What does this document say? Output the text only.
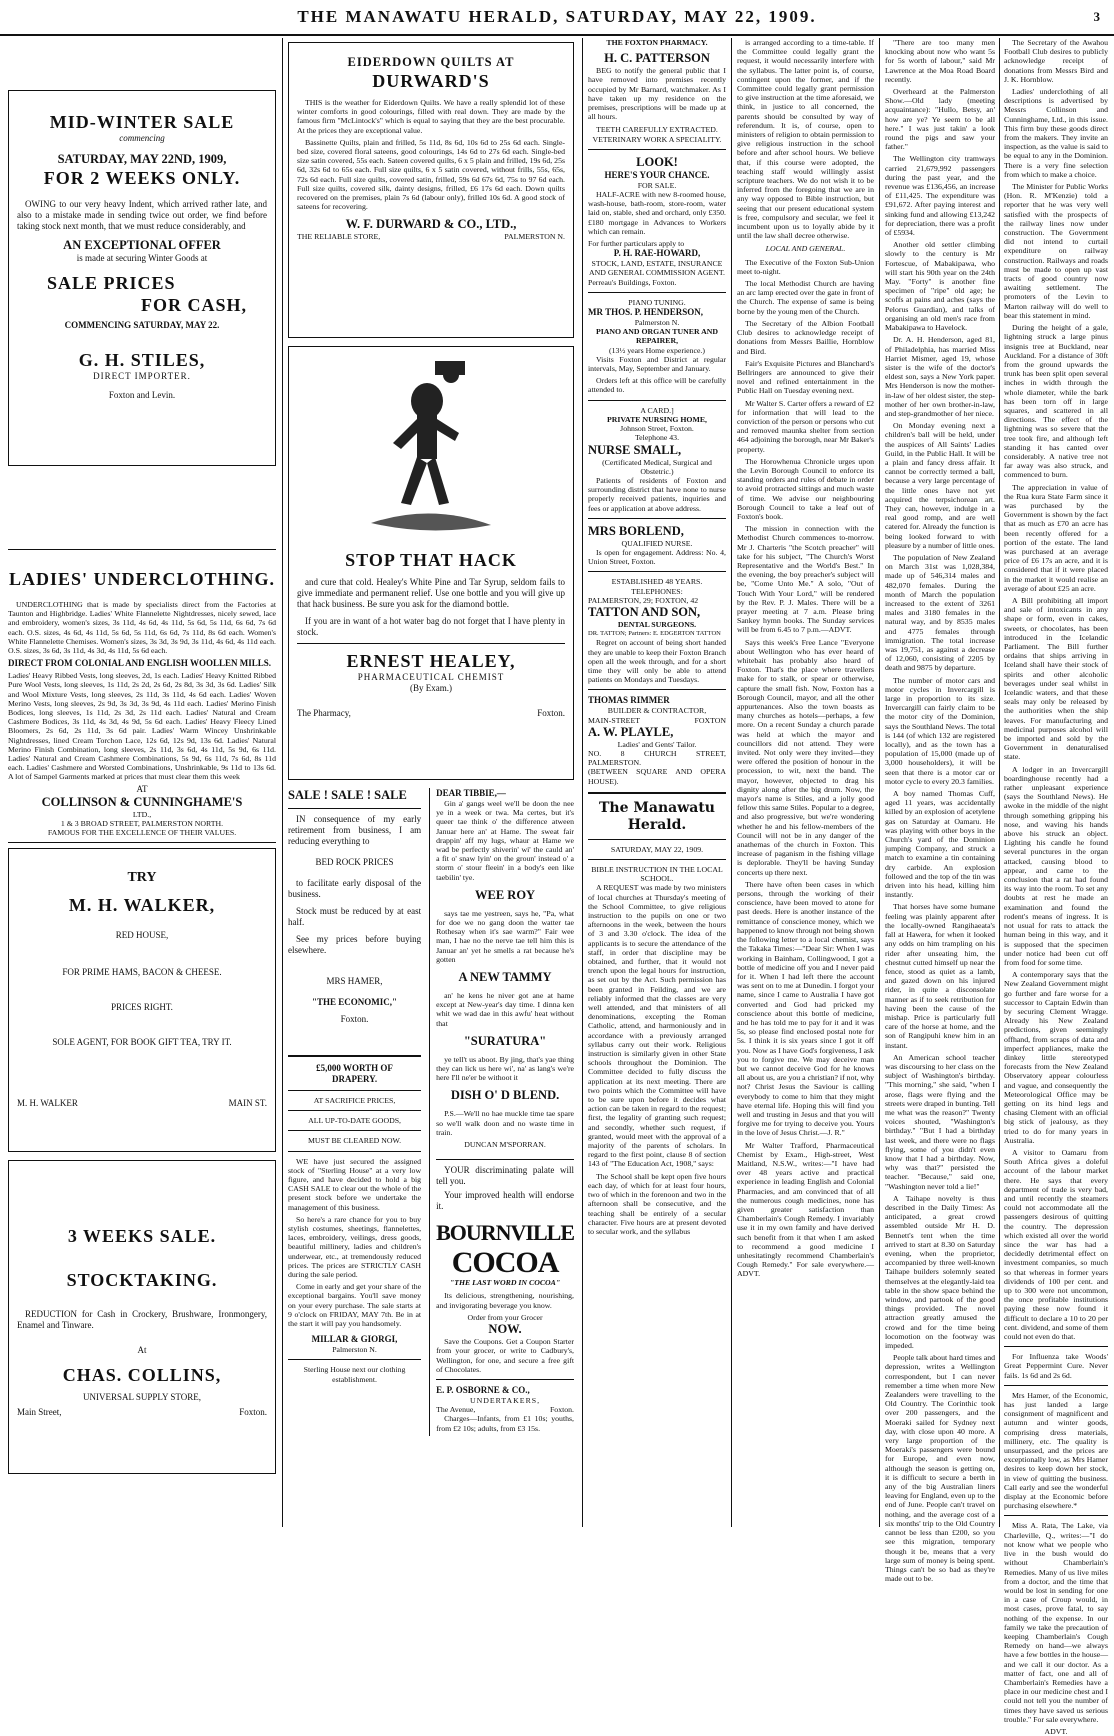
THE MANAWATU HERALD, SATURDAY, MAY 22, 1909.	3
MID-WINTER SALE
commencing
SATURDAY, MAY 22ND, 1909,
FOR 2 WEEKS ONLY.

OWING to our very heavy Indent, which arrived rather late, and also to a mistake made in sending twice out order, we find before taking stock next month, that we must reduce considerably, and

AN EXCEPTIONAL OFFER
is made at securing Winter Goods at
SALE PRICES
FOR CASH,
COMMENCING SATURDAY, MAY 22.
G. H. STILES,
DIRECT IMPORTER.
Foxton and Levin.
LADIES' UNDERCLOTHING.

UNDERCLOTHING that is made by specialists direct from the Factories at Taunton and Highbridge. Ladies' White Flannelette Nightdresses, nicely sewed, lace and embroidery, women's sizes, 3s 11d, 4s 6d, 4s 11d, 5s 6d, 5s 11d, 6s 6d, 7s 6d each. O.S. sizes, 4s 6d, 4s 11d, 5s 6d, 5s 11d, 6s 6d, 7s 11d, 8s 6d each. Women's White Flannelette Chemises. Women's sizes, 3s 3d, 3s 9d, 3s 11d, 4s 6d, 4s 11d each. O.S. sizes, 3s 6d, 3s 11d, 4s 3d, 4s 11d, 5s 6d each.

DIRECT FROM COLONIAL AND ENGLISH WOOLLEN MILLS.
Ladies' Heavy Ribbed Vests, long sleeves, 2d, 1s each. Ladies' Heavy Knitted Ribbed Pure Wool Vests, long sleeves, 1s 11d, 2s 2d, 2s 6d, 2s 8d, 3s 3d, 3s 6d. Ladies' Silk and Wool Mixture Vests, long sleeves, 2s 11d, 3s 11d, 4s 6d each. Ladies' Woven Merino Vests, long sleeves, 2s 9d, 3s 3d, 3s 9d, 4s 11d each. Ladies' Merino Finish Bodices, long sleeves, 1s 11d, 2s 3d, 2s 11d each. Ladies' Natural and Cream Cashmere Bodices, 3s 11d, 4s 3d, 4s 9d, 5s 6d each. Ladies' Heavy Fleecy Lined Bloomers, 2s 6d, 2s 11d, 3s 6d pair. Ladies' Warm Wincey Unshrinkable Nightdresses, lined Cream Torchon Lace, 12s 6d, 12s 9d, 13s 6d. Ladies' Natural Merino Finish Combination, long sleeves, 2s 11d, 3s 6d, 4s 11d, 5s 9d, 6s 11d. Ladies' Natural and Cream Cashmere Combinations, 5s 9d, 6s 11d, 7s 6d, 8s 11d each. Ladies' Cashmere and Worsted Combinations, Unshrinkable, 9s 11d to 13s 6d. A lot of Sampel Garments marked at prices that must clear them this week
AT
COLLINSON & CUNNINGHAME'S
LTD.,
1 & 3 BROAD STREET, PALMERSTON NORTH.
FAMOUS FOR THE EXCELLENCE OF THEIR VALUES.
TRY
M. H. WALKER,
RED HOUSE,
FOR PRIME HAMS, BACON & CHEESE.
PRICES RIGHT.
SOLE AGENT, FOR BOOK GIFT TEA, TRY IT.
M. H. WALKER	MAIN ST.
3 WEEKS SALE.
STOCKTAKING.

REDUCTION for Cash in Crockery, Brushware, Ironmongery, Enamel and Tinware.

At
CHAS. COLLINS,
UNIVERSAL SUPPLY STORE,
Main Street,	Foxton.
EIDERDOWN QUILTS AT
DURWARD'S

THIS is the weather for Eiderdown Quilts. We have a really splendid lot of these winter comforts in good colourings, filled with real down. They are made by the famous firm "McLintock's" which is equal to saying that they are the best procurable. At the prices they are exceptional value.

Bassinette Quilts, plain and frilled, 5s 11d, 8s 6d, 10s 6d to 25s 6d each. Single-bed size, covered floral sateens, good colourings, 14s 6d to 27s 6d each. Single-bed size satin covered, 55s each. Sateen covered quilts, 6 x 5 plain and frilled, 19s 6d, 25s 6d, 32s 6d to 65s each. Full size quilts, 6 x 5 satin covered, without frills, 55s, 65s, 72s 6d each. Full size quilts, covered satin, frilled, 59s 6d 67s 6d, 75s to 97 6d each. Full size quilts, covered silk, dainty designs, frilled, £6 17s 6d each. Down quilts recovered on the premises, plain 7s 6d (labour only), frilled 10s 6d. A good stock of sateens for recovering.

W. F. DURWARD & CO., LTD.,
THE RELIABLE STORE,	PALMERSTON N.
STOP THAT HACK

and cure that cold. Healey's White Pine and Tar Syrup, seldom fails to give immediate and permanent relief. Use one bottle and you will give up that hack business. Be sure you ask for the diamond bottle.

If you are in want of a hot water bag do not forget that I have plenty in stock.

ERNEST HEALEY,
PHARMACEUTICAL CHEMIST
(By Exam.)
The Pharmacy,	Foxton.
SALE ! SALE ! SALE

IN consequence of my early retirement from business, I am reducing everything to

BED ROCK PRICES

to facilitate early disposal of the business.

Stock must be reduced by at east half.

See my prices before buying elsewhere.

MRS HAMER,
"THE ECONOMIC,"
Foxton.
£5,000 WORTH OF
DRAPERY.
AT SACRIFICE PRICES,
ALL UP-TO-DATE GOODS,
MUST BE CLEARED NOW.

WE have just secured the assigned stock of "Sterling House" at a very low figure, and have decided to hold a big CASH SALE to clear out the whole of the present stock before we undertake the management of this business.

So here's a rare chance for you to buy stylish costumes, sheetings, flannelettes, laces, embroidery, veilings, dress goods, beautiful millinery, ladies and children's underwear, etc., at tremendously reduced prices. The prices are STRICTLY CASH during the sale period.

Come in early and get your share of the exceptional bargains. You'll save money on your every purchase. The sale starts at 9 o'clock on FRIDAY, MAY 7th. Be in at the start it will pay you handsomely.

MILLAR & GIORGI,
Palmerston N.
Sterling House next our clothing establishment.
DEAR TIBBIE,—

Gin a' gangs weel we'll be doon the nee ye in a week or twa. Ma certes, but it's queer tae think o' the difference atween Januar here an' at Hame. The sweat fair drappin' aff my lugs, whaur at Hame we wad be perfectly shiverin' wi' the cauld an' a fit o' snaw lyin' on the groun' instead o' a storm o' stour fleein' in a body's een like taebilin' tye.

WEE ROY

says tae me yestreen, says he, "Pa, what for doe we no gang doon the watter tae Rothesay when it's sae warm?" Fair wee man, I hae no the nerve tae tell him this is Januar an' yet he smells a rat because he's gotten

A NEW TAMMY

an' he kens he niver got ane at hame except at New-year's day time. I dinna ken whit we wad dae in this awfu' heat without that

"SURATURA"

ye tell't us aboot. By jing, that's yae thing they can lick us here wi', na' as lang's we're here I'll ne'er be withoot it

DISH O' D BLEND.

P.S.—We'll no hae muckle time tae spare so we'll walk doon and no waste time in train.

DUNCAN M'SPORRAN.

YOUR discriminating palate will tell you.

Your improved health will endorse it.

BOURNVILLE
COCOA
"THE LAST WORD IN COCOA"

Its delicious, strengthening, nourishing, and invigorating beverage you know.

Order from your Grocer
NOW.

Save the Coupons. Get a Coupon Starter from your grocer, or write to Cadbury's, Wellington, for one, and secure a free gift of Chocolates.

E. P. OSBORNE & CO.,
UNDERTAKERS,
The Avenue,	Foxton.

Charges—Infants, from £1 10s; youths, from £2 10s; adults, from £3 15s.

THE FOXTON PHARMACY.
H. C. PATTERSON

BEG to notify the general public that I have removed into premises recently occupied by Mr Barnard, watchmaker. As I have taken up my residence on the premises, prescriptions will be made up at all hours.

TEETH CAREFULLY EXTRACTED. VETERINARY WORK A SPECIALITY.
LOOK!
HERE'S YOUR CHANCE.
FOR SALE.

HALF-ACRE with new 8-roomed house, wash-house, bath-room, store-room, water laid on, stable, shed and orchard, only £350. £180 mortgage in Advances to Workers which can remain.

For further particulars apply to
P. H. RAE-HOWARD,
STOCK, LAND, ESTATE, INSURANCE AND GENERAL COMMISSION AGENT.
Perreau's Buildings, Foxton.
PIANO TUNING.
MR THOS. P. HENDERSON,
Palmerston N.
PIANO AND ORGAN TUNER AND REPAIRER,
(13½ years Home experience.)

Visits Foxton and District at regular intervals, May, September and January.

Orders left at this office will be carefully attended to.

A CARD.]
PRIVATE NURSING HOME,
Johnson Street, Foxton.
Telephone 43.
NURSE SMALL,
(Certificated Medical, Surgical and Obstetric.)

Patients of residents of Foxton and surrounding district that have none to nurse properly received patients, inquiries and fees or application at above address.

MRS BORLEND,
QUALIFIED NURSE.

Is open for engagement. Address: No. 4, Union Street, Foxton.

ESTABLISHED 48 YEARS.
TELEPHONES:
PALMERSTON, 29; FOXTON, 42
TATTON AND SON,
DENTAL SURGEONS.
DR. TATTON; Partners: E. EDGERTON TATTON

Regret on account of being short handed they are unable to keep their Foxton Branch open all the week through, and for a short time they will only be able to attend patients on Mondays and Tuesdays.

THOMAS RIMMER
BUILDER & CONTRACTOR,
MAIN-STREET	FOXTON
A. W. PLAYLE,
Ladies' and Gents' Tailor.
NO. 8 CHURCH STREET, PALMERSTON.
(BETWEEN SQUARE AND OPERA HOUSE).
The Manawatu Herald.
SATURDAY, MAY 22, 1909.
BIBLE INSTRUCTION IN THE LOCAL SCHOOL.

A REQUEST was made by two ministers of local churches at Thursday's meeting of the School Committee, to give religious instruction to the pupils on one or two afternoons in the week, between the hours of 3 and 3.30 o'clock. The idea of the applicants is to secure the attendance of the staff, in order that discipline may be obtained, and further, that it would not trench upon the legal hours for instruction, as set out by the Act. Such permission has been granted in Feilding, and we are reliably informed that the classes are very well attended, and that ministers of all denominations, excepting the Roman Catholic, attend, and harmoniously and in accordance with a previously arranged syllabus carry out their work. Religious instruction is similarly given in other State schools throughout the Dominion. The Committee decided to fully discuss the application at its next meeting. There are two points which the Committee will have to be sure upon before it decides what action can be taken in regard to the request; first, the legality of granting such request; and secondly, whether such request, if granted, would meet with the approval of a majority of the parents of scholars. In regard to the first point, clause 8 of section 143 of "The Education Act, 1908," says:

The School shall be kept open five hours each day, of which for at least four hours, two of which in the forenoon and two in the afternoon shall be consecutive, and the teaching shall be entirely of a secular character. Five hours are at present devoted to secular work, and the syllabus

is arranged according to a time-table. If the Committee could legally grant the request, it would necessarily interfere with the syllabus. The latter point is, of course, contingent upon the former, and if the Committee could legally grant permission to give instruction at the time aforesaid, we think, in justice to all concerned, the parents should be consulted by way of referendum. It is, of course, open to ministers of religion to obtain permission to give religious instruction in the school before and after school hours. We believe that, if this course were adopted, the teaching staff would willingly assist scripture teachers. We do not wish it to be inferred from the foregoing that we are in any way opposed to Bible instruction, but seeing that our present educational system is free, compulsory and secular, we feel it incumbent upon us to loyally abide by it until the law shall decree otherwise.

LOCAL AND GENERAL.

The Executive of the Foxton Sub-Union meet to-night.

The local Methodist Church are having an arc lamp erected over the gate in front of the Church. The expense of same is being borne by the young men of the Church.

The Secretary of the Albion Football Club desires to acknowledge receipt of donations from Messrs Baillie, Hornblow and Bird.

Fair's Exquisite Pictures and Blanchard's Bellringers are announced to give their novel and refined entertainment in the Public Hall on Tuesday evening next.

Mr Walter S. Carter offers a reward of £2 for information that will lead to the conviction of the person or persons who cut and removed maunka shelter from section 464 adjoining the borough, near Mr Baker's property.

The Horowhenua Chronicle urges upon the Levin Borough Council to enforce its standing orders and rules of debate in order to avoid protracted sittings and much waste of time. We advise our neighbouring Borough Council to take a leaf out of Foxton's book.

The mission in connection with the Methodist Church commences to-morrow. Mr J. Charteris "the Scotch preacher" will take for his subject, "The Church's Worst Representative and the World's Best." In the evening, the boy preacher's subject will be, "Come Unto Me." A solo, "Out of Touch With Your Lord," will be rendered by the Rev. P. J. Males. There will be a prayer meeting at 7 a.m. Please bring Sankey hymn books. The Sunday services will be from 6.45 to 7 p.m.—ADVT.

Says this week's Free Lance "Everyone about Wellington who has ever heard of whitebait has probably also heard of Foxton. That's the place where travellers make for to stalk, or spear or otherwise, capture the small fish. Now, Foxton has a Borough Council, mayor, and all the other appurtenances. Also the town boasts as many churches as hotels—perhaps, a few more. On a recent Sunday a church parade was held at which the mayor and councillors did not attend. They were invited. Not only were they invited—they were offered the position of honour in the procession, to wit, next the band. The mayor, however, objected to drag his dignity along after the big drum. Now, the mayor's name is Stiles, and a jolly good fellow this same Stiles. Popular to a degree, and also progressive, but we're wondering whether he and his fellow-members of the Council will not be in any danger of the anathemas of the church in Foxton. This increase of paganism in the fishing village is deplorable. They'll be having Sunday concerts up there next.

There have often been cases in which persons, through the working of their conscience, have been moved to atone for past deeds. Here is another instance of the remittance of conscience money, which we happened to know through not being shown the following letter to a local chemist, says the Takaka Times:—"Dear Sir: When I was working in Bainham, Collingwood, I got a bottle of medicine off you and I never paid for it. When I had left there the account was sent on to me at Dunedin. I forgot your name, since I came to Australia I have got converted and God had pricked my conscience about this bottle of medicine, and he has told me to pay for it and it was 5s, so please find enclosed postal note for 5s. I think it is six years since I got it off you. Now as I have God's forgiveness, I ask you to forgive me. We may deceive man but we cannot deceive God for he knows all about us, are you a christian? if not, why not? Christ Jesus the Saviour is calling everybody to come to him that they might have eternal life. Hoping this will find you well and trusting in Jesus and that you will forgive me for trying to deceive you. Yours in the love of Jesus Christ.—J. R."

Mr Walter Trafford, Pharmaceutical Chemist by Exam., High-street, West Maitland, N.S.W., writes:—"I have had over 48 years active and practical experience in leading English and Colonial Pharmacies, and am convinced that of all the numerous cough medicines, none has given greater satisfaction than Chamberlain's Cough Remedy. I invariably use it in my own family and have derived such benefit from it that when I am asked to recommend a good medicine I unhesitatingly recommend Chamberlain's Cough Remedy." For sale everywhere.—ADVT.

"There are too many men knocking about now who want 5s for 5s worth of labour," said Mr Lawrence at the Moa Road Board recently.

Overheard at the Palmerston Show.—Old lady (meeting acquaintance): "Hullo, Betsy, an' how are ye? Ye seem to be all here." I was just takin' a look round the pigs and saw your father."

The Wellington city tramways carried 21,679,992 passengers during the past year, and the revenue was £136,456, an increase of £11,425. The expenditure was £91,672. After paying interest and sinking fund and allowing £13,242 for depreciation, there was a profit of £5934.

Another old settler climbing slowly to the century is Mr Fortescue, of Mabakipawa, who will start his 90th year on the 24th May. "Forty" is another fine specimen of "ripe" old age; he scoffs at pains and aches (says the Pelorus Guardian), and talks of organising an old men's race from Mabakipawa to Havelock.

Dr. A. H. Henderson, aged 81, of Philadelphia, has married Miss Harriet Mismer, aged 19, whose sister is the wife of the doctor's eldest son, says a New York paper. Mrs Henderson is now the mother-in-law of her oldest sister, the step-mother of her own brother-in-law, and step-grandmother of her niece.

On Monday evening next a children's ball will be held, under the auspices of All Saints' Ladies Guild, in the Public Hall. It will be a plain and fancy dress affair. It cannot be correctly termed a ball, because a very large percentage of the little ones have not yet acquired the terpsichorean art. They can, however, indulge in a real good romp, and are well catered for. Already the function is being looked forward to with pleasure by a number of little ones.

The population of New Zealand on March 31st was 1,028,384, made up of 546,314 males and 482,070 females. During the month of March the population increased to the extent of 3261 males and 3180 females in the natural way, and by 8535 males and 4775 females through immigration. The total increase was 19,751, as against a decrease of 12,060, consisting of 2205 by death and 9875 by departure.

The number of motor cars and motor cycles in Invercargill is large in proportion to its size. Invercargill can fairly claim to be the motor city of the Dominion, says the Southland News. The total is 144 (of which 132 are registered locally), and as the town has a population of 15,000 (made up of 3,000 householders), it will be seen that there is a motor car or motor cycle to every 20.3 families.

A boy named Thomas Cuff, aged 11 years, was accidentally killed by an explosion of acetylene gas on Saturday at Oamaru. He was playing with other boys in the Church's yard of the Dominion jumping Company, and struck a match to examine a tin containing dry carbide. An explosion followed and the top of the tin was driven into his head, killing him instantly.

That horses have some humane feeling was plainly apparent after the locally-owned Rangihaeata's fall at Hawera, for when it looked any odds on him trampling on his rider after unseating him, the chestnut cutted himself up near the fence, stood as quiet as a lamb, and gazed down on his injured rider, in quite a disconsolate manner as if to seek retribution for having been the cause of the mishap. Price is particularly full care of the horse at home, and the son of Rangipuhi knew him in an instant.

An American school teacher was discoursing to her class on the subject of Washington's birthday. "This morning," she said, "when I arose, flags were flying and the streets were draped in bunting. Tell me what was the reason?" Twenty voices shouted, "Washington's birthday." "But I had a birthday last week, and there were no flags flying, some of you didn't even know that I had a birthday. Now, why was that?" persisted the teacher. "Because," said one, "Washington never told a lie!"

A Taihape novelty is thus described in the Daily Times: As anticipated, a great crowd assembled outside Mr H. D. Bennett's tent when the time arrived to start at 8.30 on Saturday evening, when the proprietor, accompanied by three well-known Taihape builders solemnly seated themselves at the elegantly-laid tea table in the show space behind the window, and partook of the good things provided. The novel attraction greatly amused the crowd and for the time being locomotion on the footway was impeded.

People talk about hard times and depression, writes a Wellington correspondent, but I can never remember a time when more New Zealanders were travelling to the Old Country. The Corinthic took over 200 passengers, and the Moeraki sailed for Sydney next day, with close upon 40 more. A very large proportion of the Moeraki's passengers were bound for Europe, and even now, although the season is getting on, it is difficult to secure a berth in any of the big Australian liners leaving for England, even up to the end of June. People can't travel on nothing, and the average cost of a six months' trip to the Old Country cannot be less than £200, so you see this migration, temporary though it be, means that a very large sum of money is being spent. Things can't be so bad as they're made out to be.

The Secretary of the Awahou Football Club desires to publicly acknowledge receipt of donations from Messrs Bird and J. K. Hornblow.

Ladies' underclothing of all descriptions is advertised by Messrs Collinson and Cunninghame, Ltd., in this issue. This firm buy these goods direct from the makers. They invite an inspection, as the value is said to be equal to any in the Dominion. There is a very fine selection from which to make a choice.

The Minister for Public Works (Hon. R. M'Kenzie) told a reporter that he was very well satisfied with the prospects of the railway lines now under construction. The Government did not intend to curtail expenditure on railway construction. Railways and roads must be made to open up vast tracts of good country now awaiting settlement. The promoters of the Levin to Marton railway will do well to bear this statement in mind.

During the height of a gale, lightning struck a large pinus insignis tree at Buckland, near Auckland. For a distance of 30ft from the ground upwards the trunk has been split open several inches in width through the whole diameter, while the bark has been torn off in large squares, and scattered in all directions. The effect of the lightning was so severe that the tree took fire, and although left standing it has canted over considerably. A native tree not far away was also struck, and commenced to burn.

The appreciation in value of the Rua kura State Farm since it was purchased by the Government is shown by the fact that as much as £70 an acre has been recently offered for a portion of the estate. The land was purchased at an average price of £6 17s an acre, and it is considered that if it were placed in the market it would realise an average of about £25 an acre.

A Bill prohibiting all import and sale of intoxicants in any shape or form, even in cakes, sweets, or chocolates, has been introduced in the Icelandic Parliament. The Bill further ordains that ships arriving in Iceland shall have their stock of spirits and other alcoholic beverages under seal whilst in Icelandic waters, and that these seals may only be released by the authorities when the ship leaves. For manufacturing and medicinal purposes alcohol will be imported and sold by the Government in denaturalised state.

A lodger in an Invercargill boardinghouse recently had a rather unpleasant experience (says the Southland News). He awoke in the middle of the night through something gripping his nose, and waving his hands above his struck an object. Lighting his candle he found several punctures in the organ attacked, causing blood to appear, and came to the conclusion that a rat had found its way into the room. To set any doubts at rest he made an examination and found the rodent's means of ingress. It is not usual for rats to attack the human being in this way, and it is supposed that the specimen under notice had been cut off from food for some time.

A contemporary says that the New Zealand Government might go further and fare worse for a successor to Captain Edwin than by securing Clement Wragge. Already his New Zealand predictions, given seemingly offhand, from scraps of data and imperfect appliances, make the dinkey little stereotyped forecasts from the New Zealand Observatory appear colourless and vague, and consequently the Meteorological Office may be getting on its hind legs and chasing Clement with an official big stick of jealousy, as they tried to do for many years in Australia.

A visitor to Oamaru from South Africa gives a doleful account of the labour market there. He says that every department of trade is very bad, and until recently the steamers could not accommodate all the passengers desirous of quitting the country. The depression which existed all over the world since the war has had a decidedly detrimental effect on investment companies, so much so that whereas in former years dividends of 100 per cent. and up to 300 were not uncommon, the once profitable institutions paying these now found it difficult to declare a 10 to 20 per cent. dividend, and some of them could not even do that.

For Influenza take Woods' Great Peppermint Cure. Never fails. 1s 6d and 2s 6d.

Mrs Hamer, of the Economic, has just landed a large consignment of magnificent and autumn and winter goods, comprising dress materials, millinery, etc. The quality is unsurpassed, and the prices are exceptionally low, as Mrs Hamer desires to keep down her stock, in view of quitting the business. Call early and see the wonderful display at the Economic before purchasing elsewhere.*

Miss A. Rata, The Lake, via Charleville, Q., writes:—"I do not know what we people who live in the bush would do without Chamberlain's Remedies. Many of us live miles from a doctor, and the time that would be lost in sending for one in a case of Croup would, in most cases, prove fatal, to say nothing of the expense. In our family we take the precaution of keeping Chamberlain's Cough Remedy on hand—we always have a few bottles in the house—and we call it our doctor. As a matter of fact, one and all of Chamberlain's Remedies have a place in our medicine chest and I could not tell you the number of times they have saved us serious trouble." For sale everywhere.

ADVT.
